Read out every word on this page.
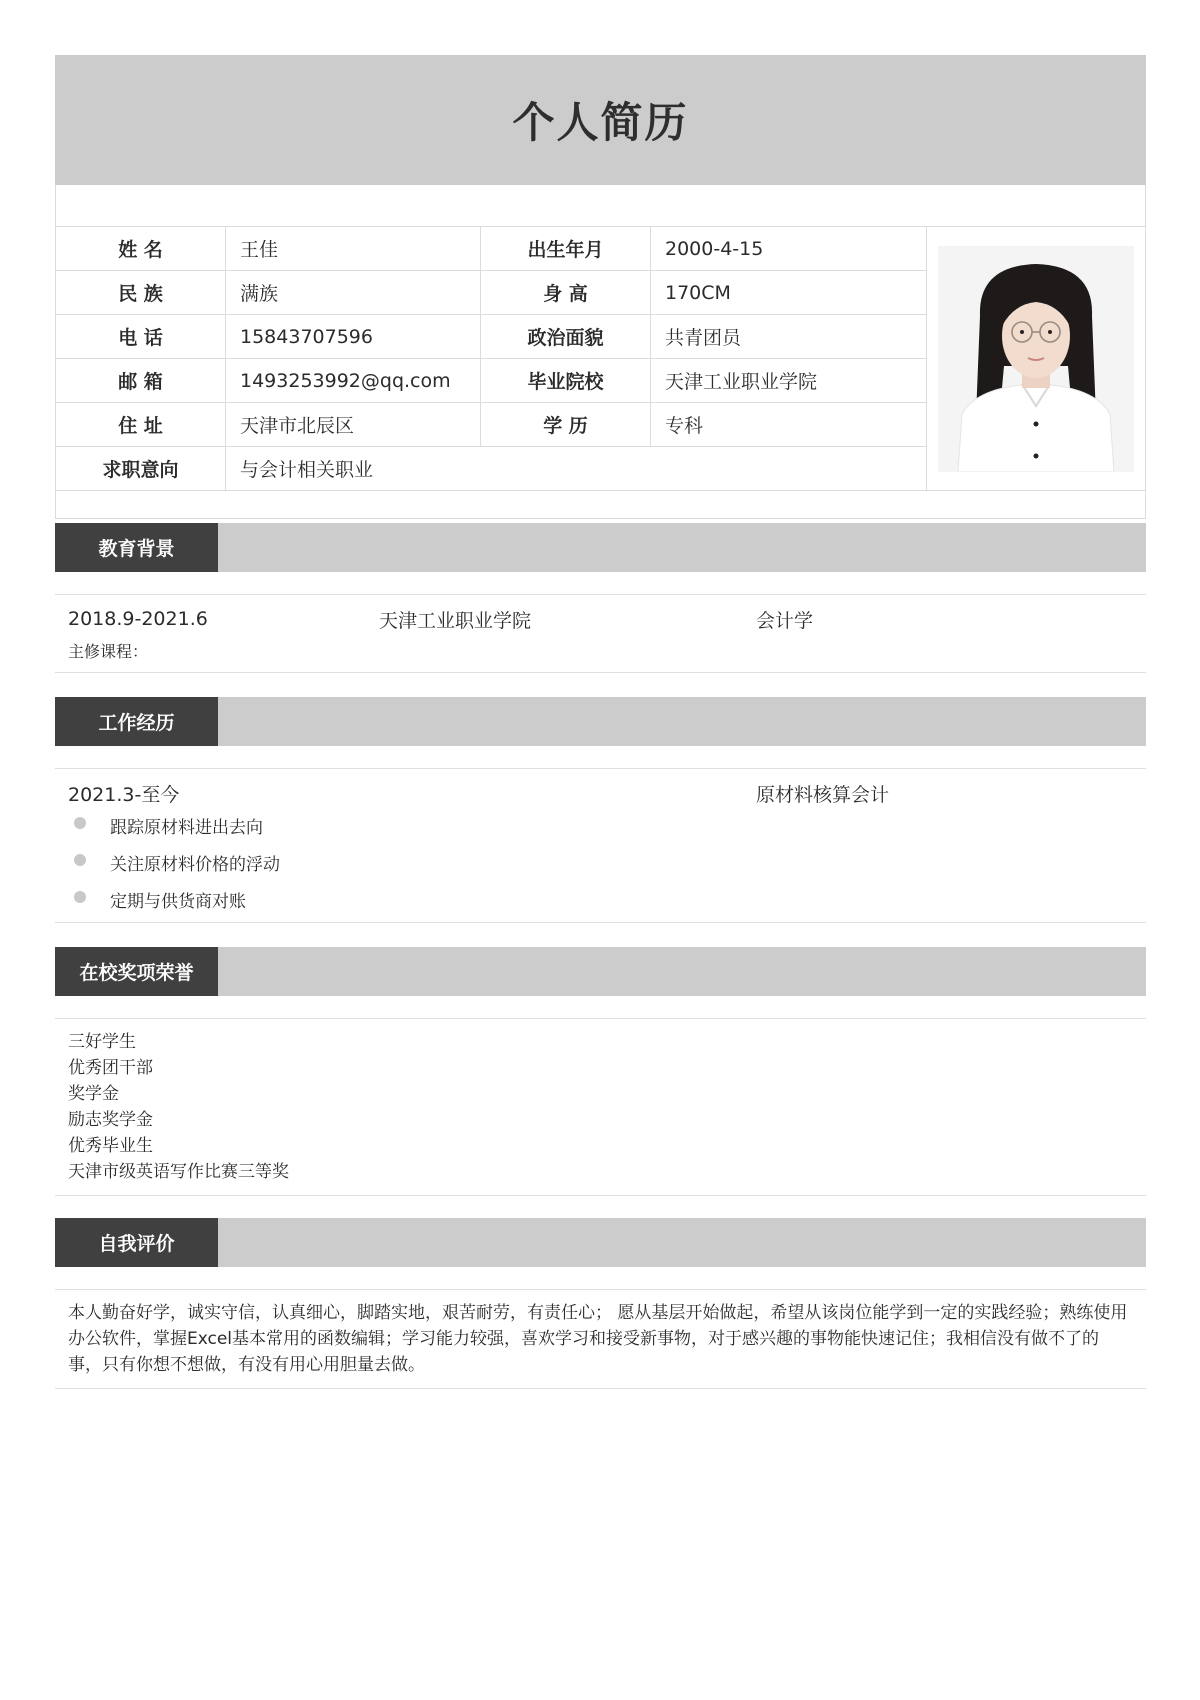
个人简历
姓 名	王佳	出生年月	2000-4-15
民 族	满族	身 高	170CM
电 话	15843707596	政治面貌	共青团员
邮 箱	1493253992@qq.com	毕业院校	天津工业职业学院
住 址	天津市北辰区	学 历	专科
求职意向	与会计相关职业
教育背景
2018.9-2021.6	天津工业职业学院	会计学
主修课程：
工作经历
2021.3-至今	原材料核算会计
跟踪原材料进出去向
关注原材料价格的浮动
定期与供货商对账
在校奖项荣誉
三好学生
优秀团干部
奖学金
励志奖学金
优秀毕业生
天津市级英语写作比赛三等奖
自我评价

本人勤奋好学，诚实守信，认真细心，脚踏实地，艰苦耐劳，有责任心； 愿从基层开始做起，希望从该岗位能学到一定的实践经验；熟练使用办公软件，掌握Excel基本常用的函数编辑；学习能力较强，喜欢学习和接受新事物，对于感兴趣的事物能快速记住；我相信没有做不了的事，只有你想不想做，有没有用心用胆量去做。
